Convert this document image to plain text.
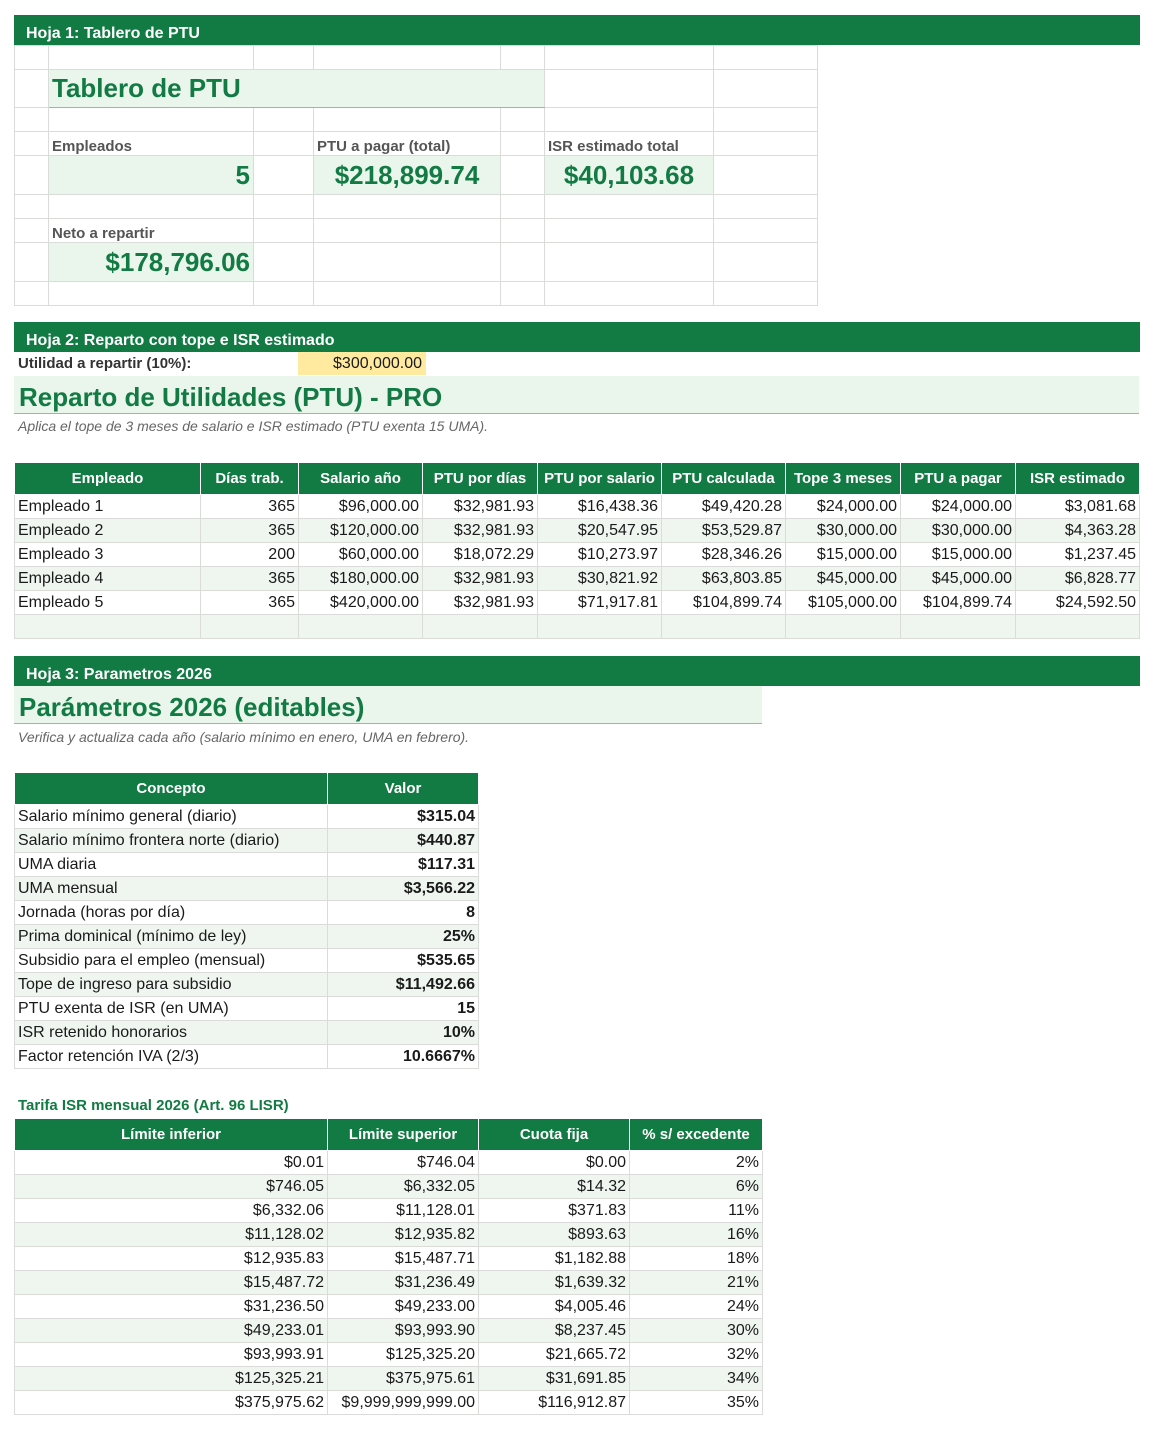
Hoja 1: Tablero de PTU

	Tablero de PTU					

	Empleados		PTU a pagar (total)		ISR estimado total	
	5		$218,899.74		$40,103.68	

	Neto a repartir					
	$178,796.06					

Hoja 2: Reparto con tope e ISR estimado
Utilidad a repartir (10%):	$300,000.00
Reparto de Utilidades (PTU) - PRO
Aplica el tope de 3 meses de salario e ISR estimado (PTU exenta 15 UMA).
Empleado	Días trab.	Salario año	PTU por días	PTU por salario	PTU calculada	Tope 3 meses	PTU a pagar	ISR estimado
Empleado 1	365	$96,000.00	$32,981.93	$16,438.36	$49,420.28	$24,000.00	$24,000.00	$3,081.68
Empleado 2	365	$120,000.00	$32,981.93	$20,547.95	$53,529.87	$30,000.00	$30,000.00	$4,363.28
Empleado 3	200	$60,000.00	$18,072.29	$10,273.97	$28,346.26	$15,000.00	$15,000.00	$1,237.45
Empleado 4	365	$180,000.00	$32,981.93	$30,821.92	$63,803.85	$45,000.00	$45,000.00	$6,828.77
Empleado 5	365	$420,000.00	$32,981.93	$71,917.81	$104,899.74	$105,000.00	$104,899.74	$24,592.50

Hoja 3: Parametros 2026
Parámetros 2026 (editables)
Verifica y actualiza cada año (salario mínimo en enero, UMA en febrero).
Concepto	Valor
Salario mínimo general (diario)	$315.04
Salario mínimo frontera norte (diario)	$440.87
UMA diaria	$117.31
UMA mensual	$3,566.22
Jornada (horas por día)	8
Prima dominical (mínimo de ley)	25%
Subsidio para el empleo (mensual)	$535.65
Tope de ingreso para subsidio	$11,492.66
PTU exenta de ISR (en UMA)	15
ISR retenido honorarios	10%
Factor retención IVA (2/3)	10.6667%
Tarifa ISR mensual 2026 (Art. 96 LISR)
Límite inferior	Límite superior	Cuota fija	% s/ excedente
$0.01	$746.04	$0.00	2%
$746.05	$6,332.05	$14.32	6%
$6,332.06	$11,128.01	$371.83	11%
$11,128.02	$12,935.82	$893.63	16%
$12,935.83	$15,487.71	$1,182.88	18%
$15,487.72	$31,236.49	$1,639.32	21%
$31,236.50	$49,233.00	$4,005.46	24%
$49,233.01	$93,993.90	$8,237.45	30%
$93,993.91	$125,325.20	$21,665.72	32%
$125,325.21	$375,975.61	$31,691.85	34%
$375,975.62	$9,999,999,999.00	$116,912.87	35%
